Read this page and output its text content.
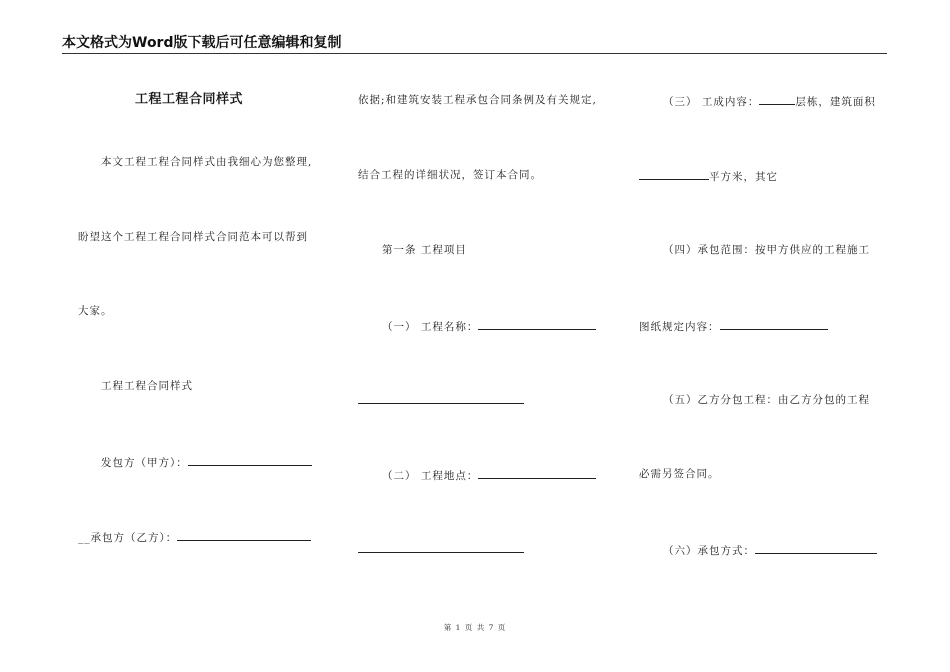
本文格式为Word版下载后可任意编辑和复制
工程工程合同样式
本文工程工程合同样式由我细心为您整理,
盼望这个工程工程合同样式合同范本可以帮到
大家。
工程工程合同样式
发包方（甲方）：
__承包方（乙方）：
依据;和建筑安装工程承包合同条例及有关规定,
结合工程的详细状况，签订本合同。
第一条 工程项目
（一） 工程名称：
（二） 工程地点：
（三） 工成内容：	层栋，建筑面积
平方米，其它
（四）承包范围：按甲方供应的工程施工
图纸规定内容：
（五）乙方分包工程：由乙方分包的工程
必需另签合同。
（六）承包方式：
第 1 页 共 7 页
